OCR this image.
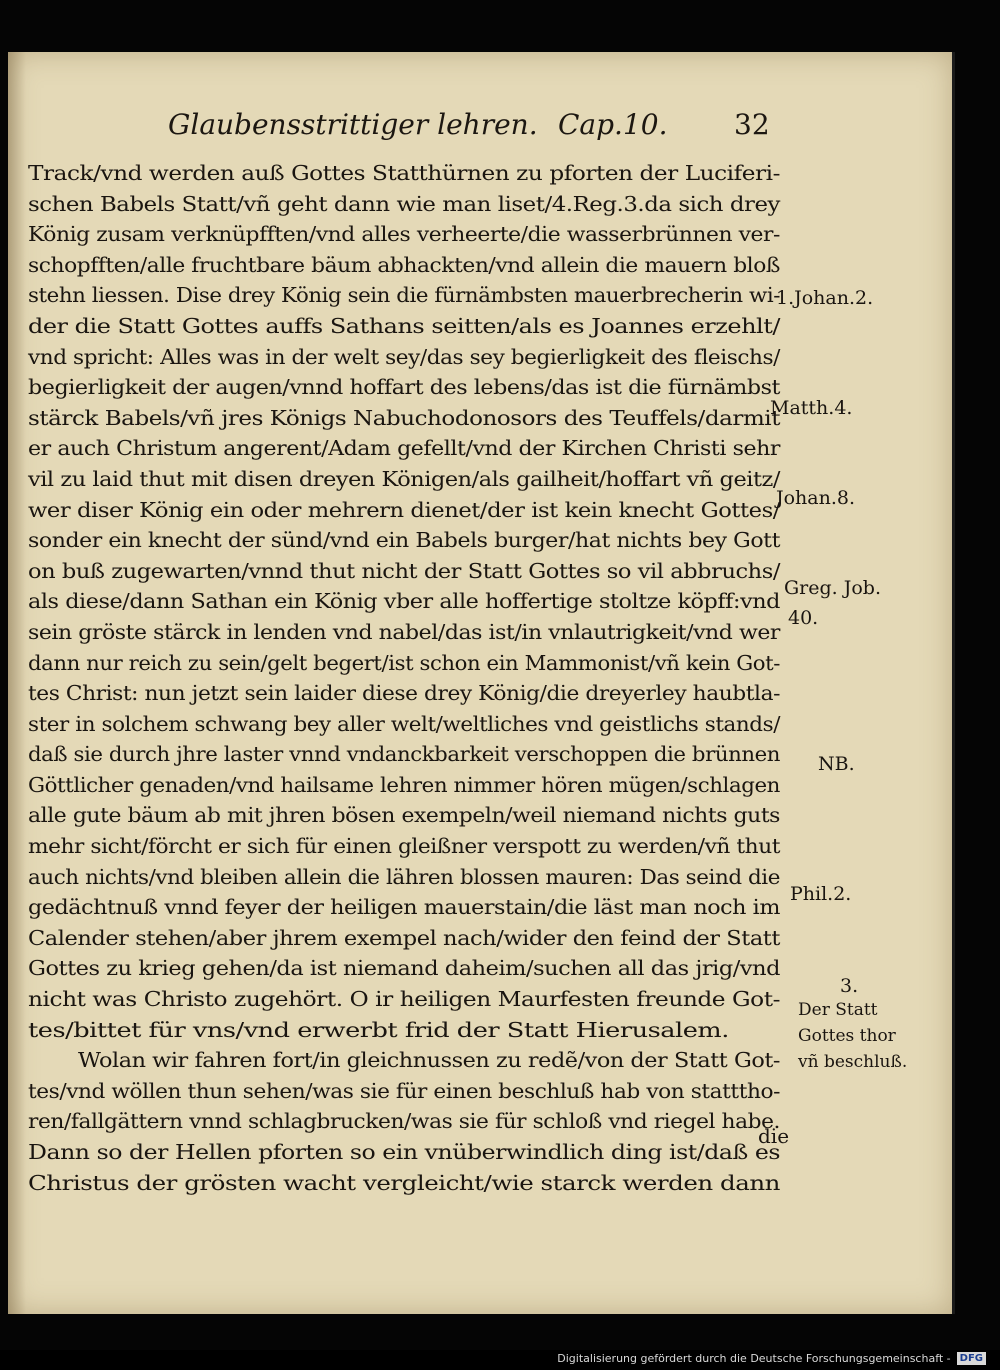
Glaubensstrittiger lehren. Cap.10. 32
Track/vnd werden auß Gottes Statthürnen zu pforten der Luciferi-
schen Babels Statt/vñ geht dann wie man liset/4.Reg.3.da sich drey
König zusam verknüpfften/vnd alles verheerte/die wasserbrünnen ver-
schopfften/alle fruchtbare bäum abhackten/vnd allein die mauern bloß
stehn liessen. Dise drey König sein die fürnämbsten mauerbrecherin wi-
der die Statt Gottes auffs Sathans seitten/als es Joannes erzehlt/
vnd spricht: Alles was in der welt sey/das sey begierligkeit des fleischs/
begierligkeit der augen/vnnd hoffart des lebens/das ist die fürnämbst
stärck Babels/vñ jres Königs Nabuchodonosors des Teuffels/darmit
er auch Christum angerent/Adam gefellt/vnd der Kirchen Christi sehr
vil zu laid thut mit disen dreyen Königen/als gailheit/hoffart vñ geitz/
wer diser König ein oder mehrern dienet/der ist kein knecht Gottes/
sonder ein knecht der sünd/vnd ein Babels burger/hat nichts bey Gott
on buß zugewarten/vnnd thut nicht der Statt Gottes so vil abbruchs/
als diese/dann Sathan ein König vber alle hoffertige stoltze köpff:vnd
sein gröste stärck in lenden vnd nabel/das ist/in vnlautrigkeit/vnd wer
dann nur reich zu sein/gelt begert/ist schon ein Mammonist/vñ kein Got-
tes Christ: nun jetzt sein laider diese drey König/die dreyerley haubtla-
ster in solchem schwang bey aller welt/weltliches vnd geistlichs stands/
daß sie durch jhre laster vnnd vndanckbarkeit verschoppen die brünnen
Göttlicher genaden/vnd hailsame lehren nimmer hören mügen/schlagen
alle gute bäum ab mit jhren bösen exempeln/weil niemand nichts guts
mehr sicht/förcht er sich für einen gleißner verspott zu werden/vñ thut
auch nichts/vnd bleiben allein die lähren blossen mauren: Das seind die
gedächtnuß vnnd feyer der heiligen mauerstain/die läst man noch im
Calender stehen/aber jhrem exempel nach/wider den feind der Statt
Gottes zu krieg gehen/da ist niemand daheim/suchen all das jrig/vnd
nicht was Christo zugehört. O ir heiligen Maurfesten freunde Got-
tes/bittet für vns/vnd erwerbt frid der Statt Hierusalem.
Wolan wir fahren fort/in gleichnussen zu redẽ/von der Statt Got-
tes/vnd wöllen thun sehen/was sie für einen beschluß hab von statttho-
ren/fallgättern vnnd schlagbrucken/was sie für schloß vnd riegel habe.
Dann so der Hellen pforten so ein vnüberwindlich ding ist/daß es
Christus der grösten wacht vergleicht/wie starck werden dann
1.Johan.2.
Matth.4.
Johan.8.
Greg. Job.
40.
NB.
Phil.2.
3.
Der Statt
Gottes thor
vñ beschluß.
die
Digitalisierung gefördert durch die Deutsche Forschungsgemeinschaft - DFG
